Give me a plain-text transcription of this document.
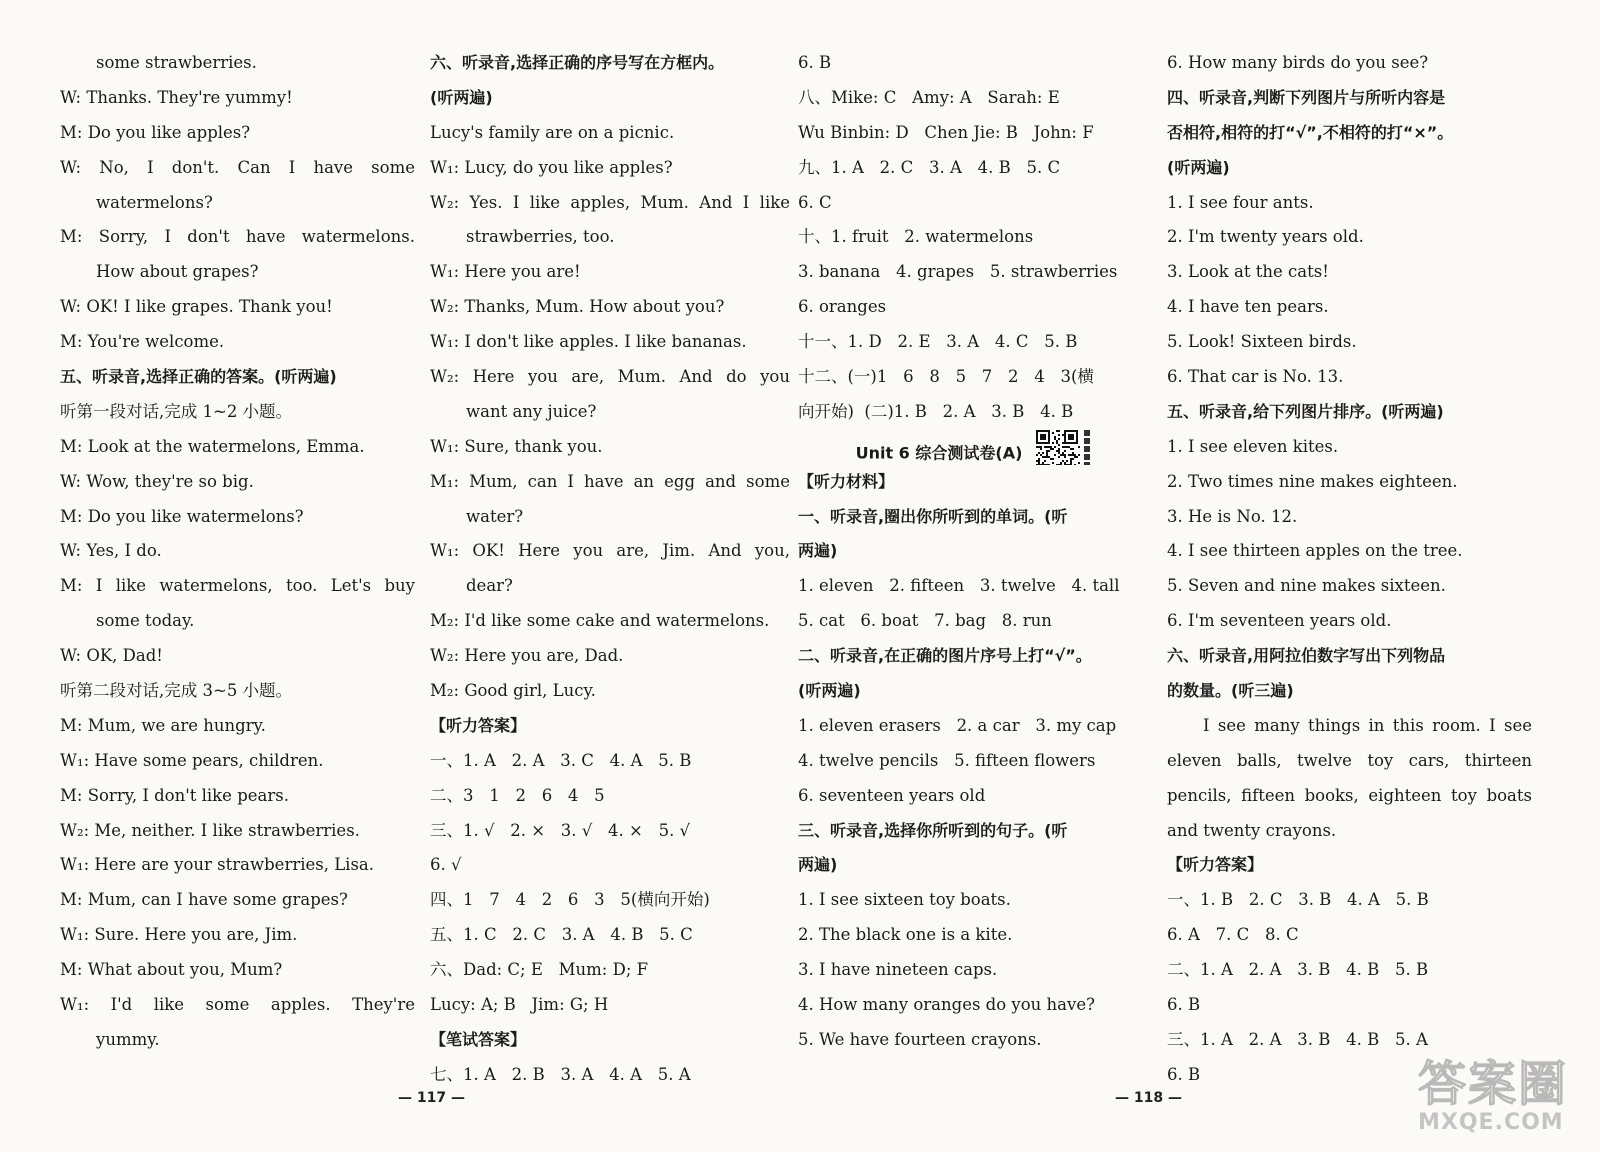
some strawberries.
W: Thanks. They're yummy!
M: Do you like apples?
W: No, I don't. Can I have some
watermelons?
M: Sorry, I don't have watermelons.
How about grapes?
W: OK! I like grapes. Thank you!
M: You're welcome.
五、听录音,选择正确的答案。(听两遍)
听第一段对话,完成 1~2 小题。
M: Look at the watermelons, Emma.
W: Wow, they're so big.
M: Do you like watermelons?
W: Yes, I do.
M: I like watermelons, too. Let's buy
some today.
W: OK, Dad!
听第二段对话,完成 3~5 小题。
M: Mum, we are hungry.
W₁: Have some pears, children.
M: Sorry, I don't like pears.
W₂: Me, neither. I like strawberries.
W₁: Here are your strawberries, Lisa.
M: Mum, can I have some grapes?
W₁: Sure. Here you are, Jim.
M: What about you, Mum?
W₁: I'd like some apples. They're
yummy.
六、听录音,选择正确的序号写在方框内。
(听两遍)
Lucy's family are on a picnic.
W₁: Lucy, do you like apples?
W₂: Yes. I like apples, Mum. And I like
strawberries, too.
W₁: Here you are!
W₂: Thanks, Mum. How about you?
W₁: I don't like apples. I like bananas.
W₂: Here you are, Mum. And do you
want any juice?
W₁: Sure, thank you.
M₁: Mum, can I have an egg and some
water?
W₁: OK! Here you are, Jim. And you,
dear?
M₂: I'd like some cake and watermelons.
W₂: Here you are, Dad.
M₂: Good girl, Lucy.
【听力答案】
一、1. A   2. A   3. C   4. A   5. B
二、3   1   2   6   4   5
三、1. √   2. ×   3. √   4. ×   5. √
6. √
四、1   7   4   2   6   3   5(横向开始)
五、1. C   2. C   3. A   4. B   5. C
六、Dad: C; E   Mum: D; F
Lucy: A; B   Jim: G; H
【笔试答案】
七、1. A   2. B   3. A   4. A   5. A
6. B
八、Mike: C   Amy: A   Sarah: E
Wu Binbin: D   Chen Jie: B   John: F
九、1. A   2. C   3. A   4. B   5. C
6. C
十、1. fruit   2. watermelons
3. banana   4. grapes   5. strawberries
6. oranges
十一、1. D   2. E   3. A   4. C   5. B
十二、(一)1   6   8   5   7   2   4   3(横
向开始)  (二)1. B   2. A   3. B   4. B
Unit 6 综合测试卷(A)
【听力材料】
一、听录音,圈出你所听到的单词。(听
两遍)
1. eleven   2. fifteen   3. twelve   4. tall
5. cat   6. boat   7. bag   8. run
二、听录音,在正确的图片序号上打“√”。
(听两遍)
1. eleven erasers   2. a car   3. my cap
4. twelve pencils   5. fifteen flowers
6. seventeen years old
三、听录音,选择你所听到的句子。(听
两遍)
1. I see sixteen toy boats.
2. The black one is a kite.
3. I have nineteen caps.
4. How many oranges do you have?
5. We have fourteen crayons.
6. How many birds do you see?
四、听录音,判断下列图片与所听内容是
否相符,相符的打“√”,不相符的打“×”。
(听两遍)
1. I see four ants.
2. I'm twenty years old.
3. Look at the cats!
4. I have ten pears.
5. Look! Sixteen birds.
6. That car is No. 13.
五、听录音,给下列图片排序。(听两遍)
1. I see eleven kites.
2. Two times nine makes eighteen.
3. He is No. 12.
4. I see thirteen apples on the tree.
5. Seven and nine makes sixteen.
6. I'm seventeen years old.
六、听录音,用阿拉伯数字写出下列物品
的数量。(听三遍)
I see many things in this room. I see
eleven balls, twelve toy cars, thirteen
pencils, fifteen books, eighteen toy boats
and twenty crayons.
【听力答案】
一、1. B   2. C   3. B   4. A   5. B
6. A   7. C   8. C
二、1. A   2. A   3. B   4. B   5. B
6. B
三、1. A   2. A   3. B   4. B   5. A
6. B
— 117 —	— 118 —	答案圈
MXQE.COM
